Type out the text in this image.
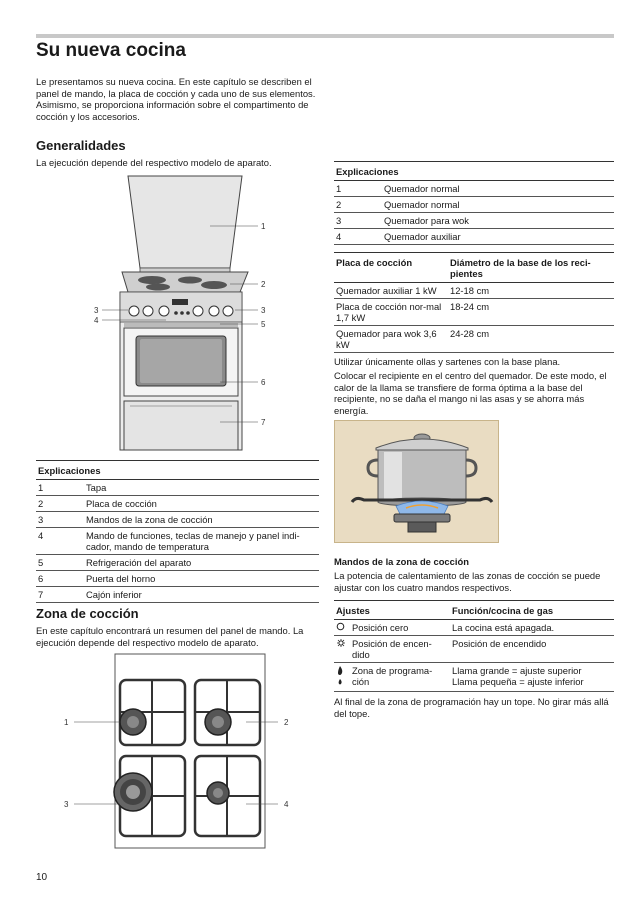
Su nueva cocina

Le presentamos su nueva cocina. En este capítulo se describen el panel de mando, la placa de cocción y cada uno de sus elementos. Asimismo, se proporciona información sobre el compartimento de cocción y los accesorios.

Generalidades

La ejecución depende del respectivo modelo de aparato.

1
2
3	3
4	5
6
7
Explicaciones	
1	Tapa
2	Placa de cocción
3	Mandos de la zona de cocción
4	Mando de funciones, teclas de manejo y panel indi-cador, mando de temperatura
5	Refrigeración del aparato
6	Puerta del horno
7	Cajón inferior
Zona de cocción

En este capítulo encontrará un resumen del panel de mando. La ejecución depende del respectivo modelo de aparato.

1	2
3	4
Explicaciones	
1	Quemador normal
2	Quemador normal
3	Quemador para wok
4	Quemador auxiliar
Placa de cocción	Diámetro de la base de los reci-pientes
Quemador auxiliar 1 kW	12-18 cm
Placa de cocción nor-mal 1,7 kW	18-24 cm
Quemador para wok 3,6 kW	24-28 cm

Utilizar únicamente ollas y sartenes con la base plana.

Colocar el recipiente en el centro del quemador. De este modo, el calor de la llama se transfiere de forma óptima a la base del recipiente, no se daña el mango ni las asas y se ahorra más energía.

Mandos de la zona de cocción

La potencia de calentamiento de las zonas de cocción se puede ajustar con los cuatro mandos respectivos.

Ajustes	Función/cocina de gas
Posición cero	La cocina está apagada.
Posición de encen-dido	Posición de encendido
Zona de programa-ción	Llama grande = ajuste superior
Llama pequeña = ajuste inferior

Al final de la zona de programación hay un tope. No girar más allá del tope.

10
